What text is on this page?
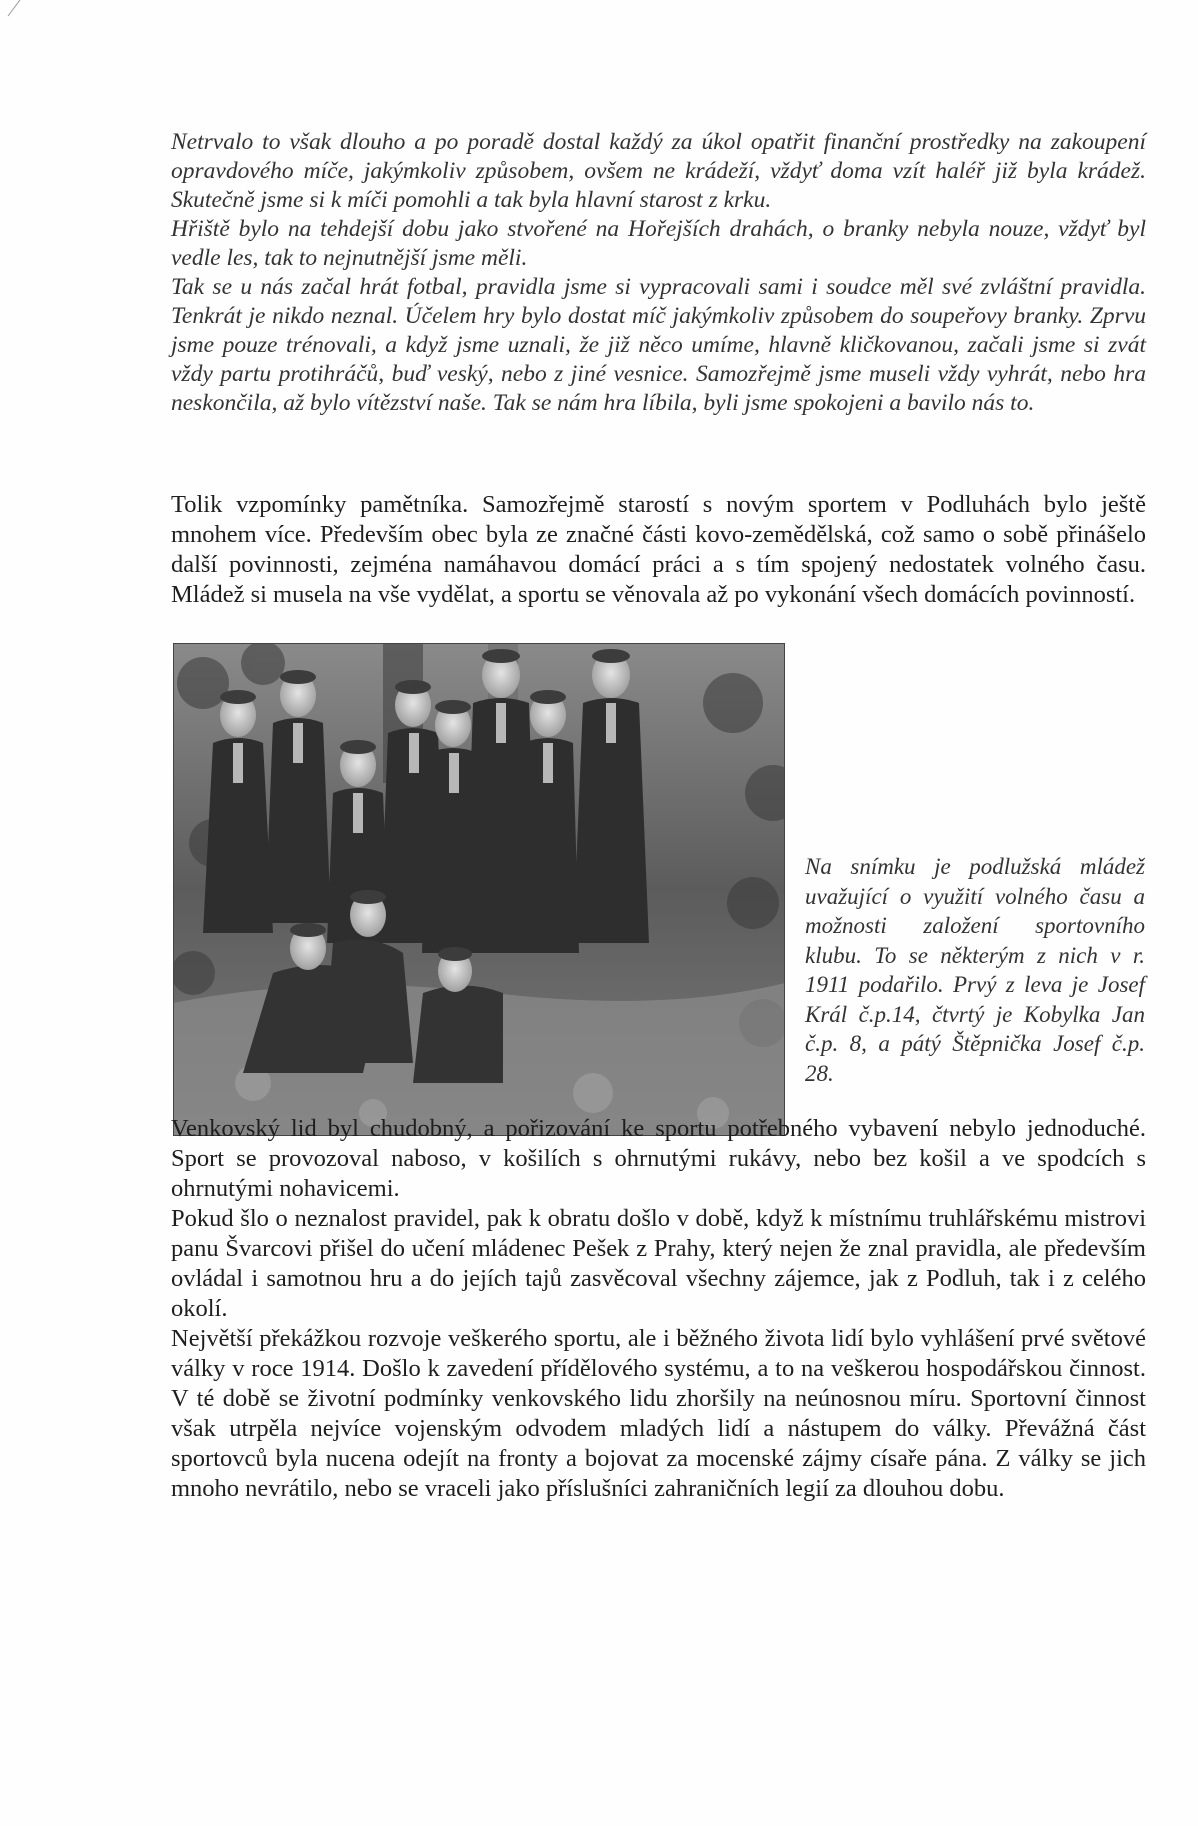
Netrvalo to však dlouho a po poradě dostal každý za úkol opatřit finanční prostředky na zakoupení opravdového míče, jakýmkoliv způsobem, ovšem ne krádeží, vždyť doma vzít haléř již byla krádež. Skutečně jsme si k míči pomohli a tak byla hlavní starost z krku.

Hřiště bylo na tehdejší dobu jako stvořené na Hořejších drahách, o branky nebyla nouze, vždyť byl vedle les, tak to nejnutnější jsme měli.

Tak se u nás začal hrát fotbal, pravidla jsme si vypracovali sami i soudce měl své zvláštní pravidla. Tenkrát je nikdo neznal. Účelem hry bylo dostat míč jakýmkoliv způsobem do soupeřovy branky. Zprvu jsme pouze trénovali, a když jsme uznali, že již něco umíme, hlavně kličkovanou, začali jsme si zvát vždy partu protihráčů, buď veský, nebo z jiné vesnice. Samozřejmě jsme museli vždy vyhrát, nebo hra neskončila, až bylo vítězství naše. Tak se nám hra líbila, byli jsme spokojeni a bavilo nás to.

Tolik vzpomínky pamětníka. Samozřejmě starostí s novým sportem v Podluhách bylo ještě mnohem více. Především obec byla ze značné části kovo-zemědělská, což samo o sobě přinášelo další povinnosti, zejména namáhavou domácí práci a s tím spojený nedostatek volného času. Mládež si musela na vše vydělat, a sportu se věnovala až po vykonání všech domácích povinností.

Na snímku je podlužská mládež uvažující o využití volného času a možnosti založení sportovního klubu. To se některým z nich v r. 1911 podařilo. Prvý z leva je Josef Král č.p.14, čtvrtý je Kobylka Jan č.p. 8, a pátý Štěpnička Josef č.p. 28.

Venkovský lid byl chudobný, a pořizování ke sportu potřebného vybavení nebylo jednoduché. Sport se provozoval naboso, v košilích s ohrnutými rukávy, nebo bez košil a ve spodcích s ohrnutými nohavicemi.

Pokud šlo o neznalost pravidel, pak k obratu došlo v době, když k místnímu truhlářskému mistrovi panu Švarcovi přišel do učení mládenec Pešek z Prahy, který nejen že znal pravidla, ale především ovládal i samotnou hru a do jejích tajů zasvěcoval všechny zájemce, jak z Podluh, tak i z celého okolí.

Největší překážkou rozvoje veškerého sportu, ale i běžného života lidí bylo vyhlášení prvé světové války v roce 1914. Došlo k zavedení přídělového systému, a to na veškerou hospodářskou činnost. V té době se životní podmínky venkovského lidu zhoršily na neúnosnou míru. Sportovní činnost však utrpěla nejvíce vojenským odvodem mladých lidí a nástupem do války. Převážná část sportovců byla nucena odejít na fronty a bojovat za mocenské zájmy císaře pána. Z války se jich mnoho nevrátilo, nebo se vraceli jako příslušníci zahraničních legií za dlouhou dobu.
